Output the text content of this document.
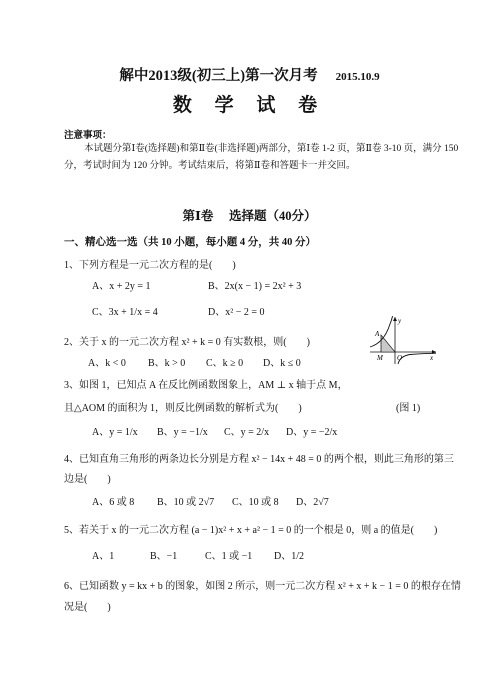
解中2013级(初三上)第一次月考 2015.10.9
数 学 试 卷
注意事项：
本试题分第Ⅰ卷(选择题)和第Ⅱ卷(非选择题)两部分，第Ⅰ卷 1-2 页，第Ⅱ卷 3-10 页，满分 150 分，考试时间为 120 分钟。考试结束后，将第Ⅱ卷和答题卡一并交回。
第Ⅰ卷　 选择题（40分）
一、精心选一选（共 10 小题，每小题 4 分，共 40 分）
1、下列方程是一元二次方程的是(　　)
A、x + 2y = 1	B、2x(x − 1) = 2x² + 3
C、3x + 1/x = 4	D、x² − 2 = 0
2、关于 x 的一元二次方程 x² + k = 0 有实数根，则(　　)
A、k < 0 B、k > 0 C、k ≥ 0 D、k ≤ 0
A
y
M O	x
3、如图 1，已知点 A 在反比例函数图象上，AM ⊥ x 轴于点 M，
且△AOM 的面积为 1，则反比例函数的解析式为(　　)	(图 1)
A、y = 1/x B、y = −1/x C、y = 2/x D、y = −2/x
4、已知直角三角形的两条边长分别是方程 x² − 14x + 48 = 0 的两个根，则此三角形的第三
边是(　　)
A、6 或 8 B、10 或 2√7 C、10 或 8 D、2√7
5、若关于 x 的一元二次方程 (a − 1)x² + x + a² − 1 = 0 的一个根是 0，则 a 的值是(　　)
A、1	B、−1	C、1 或 −1 D、1/2
6、已知函数 y = kx + b 的图象，如图 2 所示，则一元二次方程 x² + x + k − 1 = 0 的根存在情
况是(　　)
